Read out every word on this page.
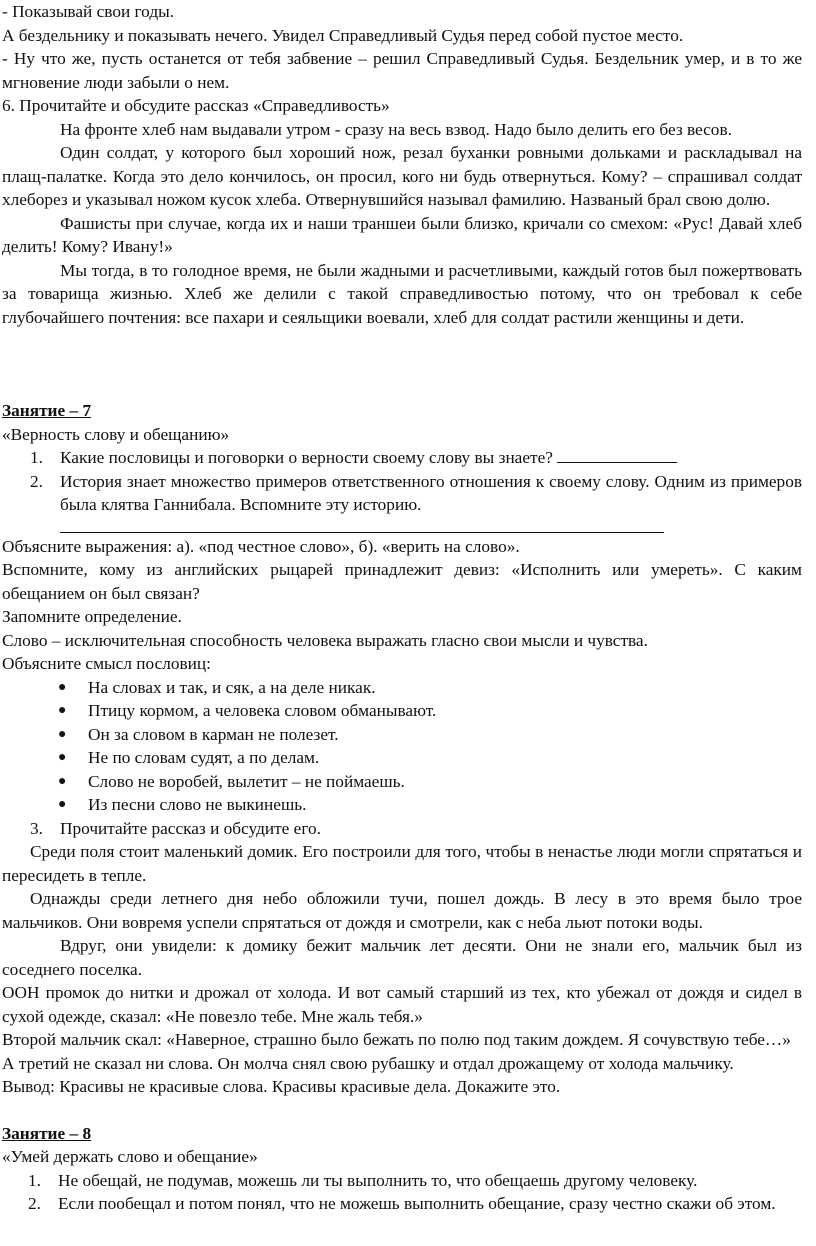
- Показывай свои годы.

А бездельнику и показывать нечего. Увидел Справедливый Судья перед собой пустое место.

- Ну что же, пусть останется от тебя забвение – решил Справедливый Судья. Бездельник умер, и в то же мгновение люди забыли о нем.

6. Прочитайте и обсудите рассказ «Справедливость»

На фронте хлеб нам выдавали утром - сразу на весь взвод. Надо было делить его без весов.

Один солдат, у которого был хороший нож, резал буханки ровными дольками и раскладывал на плащ-палатке. Когда это дело кончилось, он просил, кого ни будь отвернуться. Кому? – спрашивал солдат хлеборез и указывал ножом кусок хлеба. Отвернувшийся называл фамилию. Названый брал свою долю.

Фашисты при случае, когда их и наши траншеи были близко, кричали со смехом: «Рус! Давай хлеб делить! Кому? Ивану!»

Мы тогда, в то голодное время, не были жадными и расчетливыми, каждый готов был пожертвовать за товарища жизнью. Хлеб же делили с такой справедливостью потому, что он требовал к себе глубочайшего почтения: все пахари и сеяльщики воевали, хлеб для солдат растили женщины и дети.

Занятие – 7

«Верность слову и обещанию»

1. Какие пословицы и поговорки о верности своему слову вы знаете?
2. История знает множество примеров ответственного отношения к своему слову. Одним из примеров была клятва Ганнибала. Вспомните эту историю.

Объясните выражения: а). «под честное слово», б). «верить на слово».

Вспомните, кому из английских рыцарей принадлежит девиз: «Исполнить или умереть». С каким обещанием он был связан?

Запомните определение.

Слово – исключительная способность человека выражать гласно свои мысли и чувства.

Объясните смысл пословиц:

● На словах и так, и сяк, а на деле никак.
● Птицу кормом, а человека словом обманывают.
● Он за словом в карман не полезет.
● Не по словам судят, а по делам.
● Слово не воробей, вылетит – не поймаешь.
● Из песни слово не выкинешь.
3. Прочитайте рассказ и обсудите его.

Среди поля стоит маленький домик. Его построили для того, чтобы в ненастье люди могли спрятаться и пересидеть в тепле.

Однажды среди летнего дня небо обложили тучи, пошел дождь. В лесу в это время было трое мальчиков. Они вовремя успели спрятаться от дождя и смотрели, как с неба льют потоки воды.

Вдруг, они увидели: к домику бежит мальчик лет десяти. Они не знали его, мальчик был из соседнего поселка.

ООН промок до нитки и дрожал от холода. И вот самый старший из тех, кто убежал от дождя и сидел в сухой одежде, сказал: «Не повезло тебе. Мне жаль тебя.»

Второй мальчик скал: «Наверное, страшно было бежать по полю под таким дождем. Я сочувствую тебе…»

А третий не сказал ни слова. Он молча снял свою рубашку и отдал дрожащему от холода мальчику.

Вывод: Красивы не красивые слова. Красивы красивые дела. Докажите это.

Занятие – 8

«Умей держать слово и обещание»

1. Не обещай, не подумав, можешь ли ты выполнить то, что обещаешь другому человеку.
2. Если пообещал и потом понял, что не можешь выполнить обещание, сразу честно скажи об этом.
